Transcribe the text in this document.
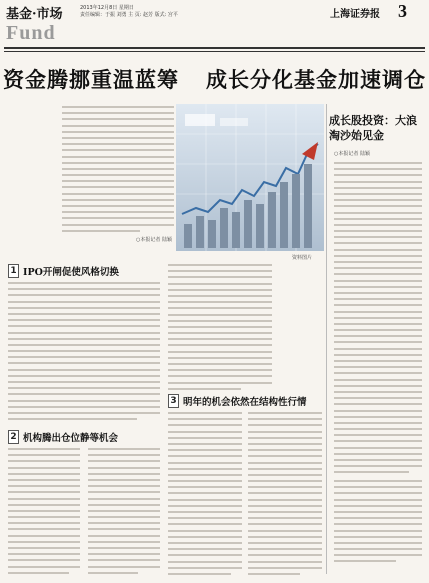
基金·市场
Fund
2013年12月8日 星期日
责任编辑：于振 刘勇 主 页: 赵芳 版式: 宫平	上海证券报 3
资金腾挪重温蓝筹 成长分化基金加速调仓
○本报记者 陆颖
资料图片
成长股投资：大浪淘沙始见金
○本报记者 陆颖
1 IPO开闸促使风格切换
2 机构腾出仓位静等机会
3 明年的机会依然在结构性行情
